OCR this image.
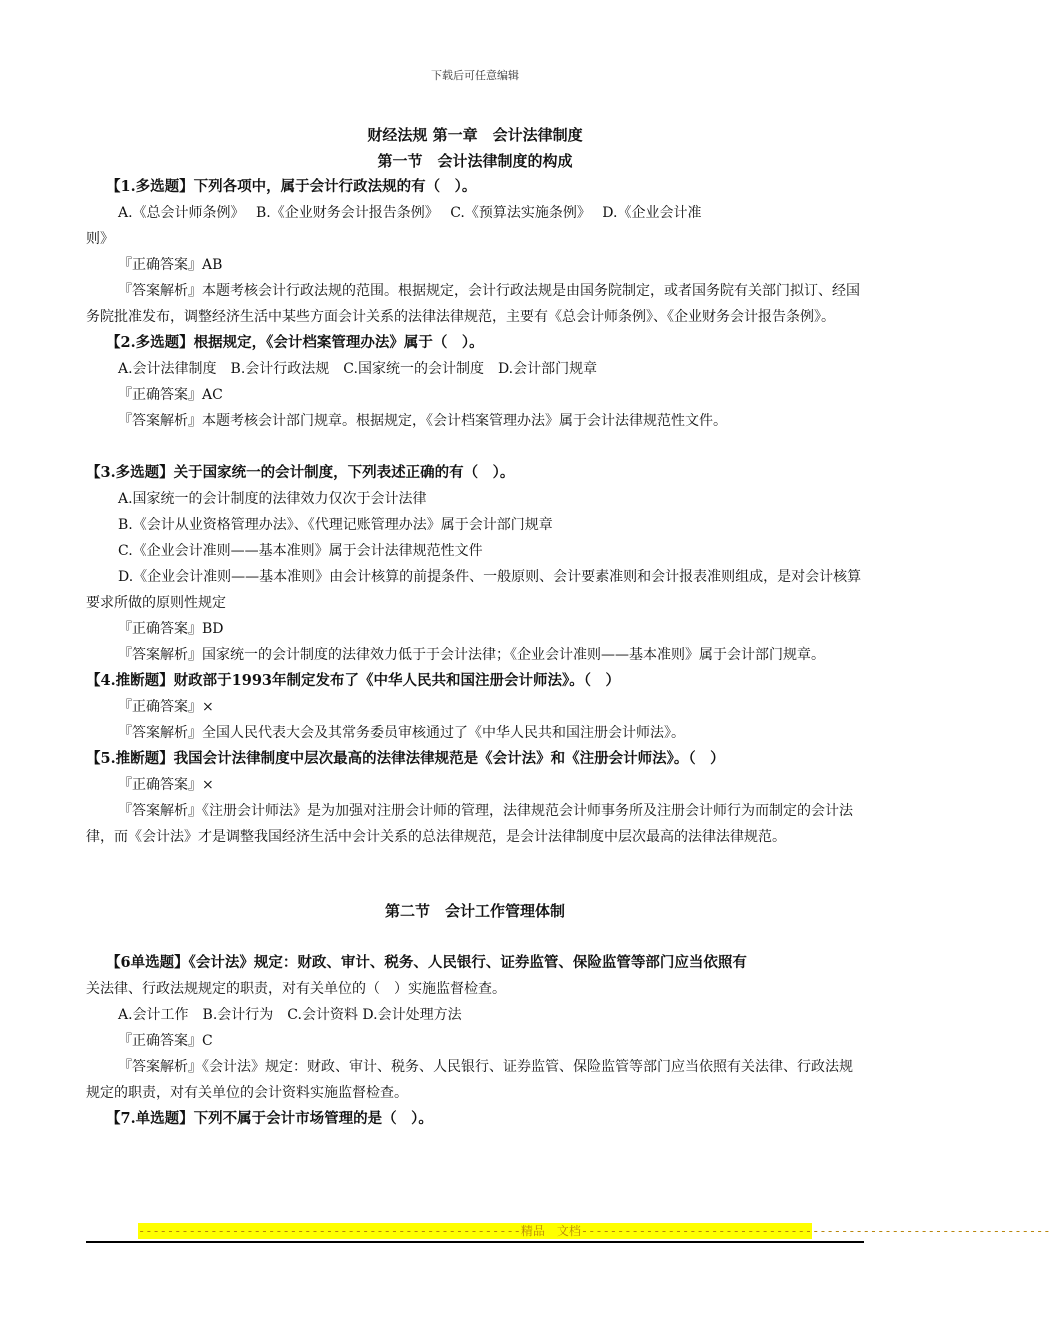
下载后可任意编辑
财经法规 第一章　会计法律制度
第一节　会计法律制度的构成
【1.多选题】下列各项中，属于会计行政法规的有（　）。
A.《总会计师条例》　 B.《企业财务会计报告条例》　 C.《预算法实施条例》　 D.《企业会计准
则》
『正确答案』AB
『答案解析』本题考核会计行政法规的范围。根据规定，会计行政法规是由国务院制定，或者国务院有关部门拟订、经国务院批准发布，调整经济生活中某些方面会计关系的法律法律规范，主要有《总会计师条例》、《企业财务会计报告条例》。
【2.多选题】根据规定，《会计档案管理办法》属于（　）。
A.会计法律制度　B.会计行政法规　C.国家统一的会计制度　D.会计部门规章
『正确答案』AC
『答案解析』本题考核会计部门规章。根据规定，《会计档案管理办法》属于会计法律规范性文件。
【3.多选题】关于国家统一的会计制度，下列表述正确的有（　）。
A.国家统一的会计制度的法律效力仅次于会计法律
B.《会计从业资格管理办法》、《代理记账管理办法》属于会计部门规章
C.《企业会计准则——基本准则》属于会计法律规范性文件
D.《企业会计准则——基本准则》由会计核算的前提条件、一般原则、会计要素准则和会计报表准则组成，是对会计核算要求所做的原则性规定
『正确答案』BD
『答案解析』国家统一的会计制度的法律效力低于于会计法律；《企业会计准则——基本准则》属于会计部门规章。
【4.推断题】财政部于1993年制定发布了《中华人民共和国注册会计师法》。（　）
『正确答案』×
『答案解析』全国人民代表大会及其常务委员审核通过了《中华人民共和国注册会计师法》。
【5.推断题】我国会计法律制度中层次最高的法律法律规范是《会计法》和《注册会计师法》。（　）
『正确答案』×
『答案解析』《注册会计师法》是为加强对注册会计师的管理，法律规范会计师事务所及注册会计师行为而制定的会计法律，而《会计法》才是调整我国经济生活中会计关系的总法律规范，是会计法律制度中层次最高的法律法律规范。
第二节　会计工作管理体制
【6单选题】《会计法》规定：财政、审计、税务、人民银行、证券监管、保险监管等部门应当依照有
关法律、行政法规规定的职责，对有关单位的（　）实施监督检查。
A.会计工作　B.会计行为　C.会计资料 D.会计处理方法
『正确答案』C
『答案解析』《会计法》规定：财政、审计、税务、人民银行、证券监管、保险监管等部门应当依照有关法律、行政法规规定的职责，对有关单位的会计资料实施监督检查。
【7.单选题】下列不属于会计市场管理的是（　）。
-----------------------------------------------------精品　文档-----------------------------------------------------------------
